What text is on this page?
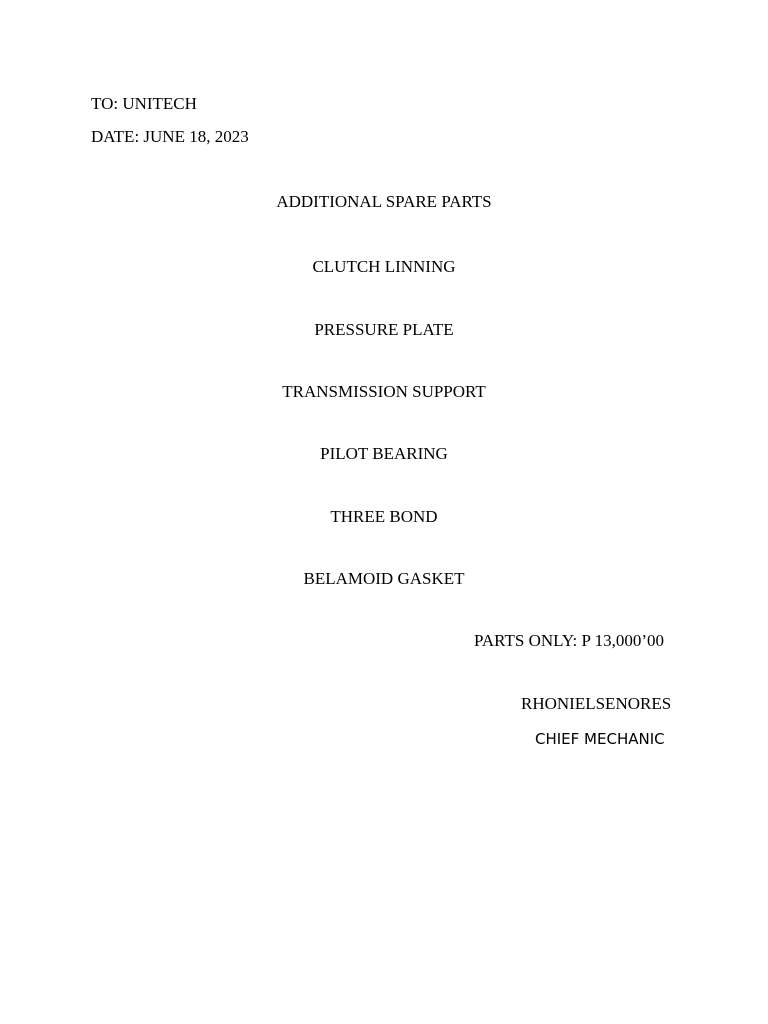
TO: UNITECH
DATE: JUNE 18, 2023
ADDITIONAL SPARE PARTS
CLUTCH LINNING
PRESSURE PLATE
TRANSMISSION SUPPORT
PILOT BEARING
THREE BOND
BELAMOID GASKET
PARTS ONLY: P 13,000’00
RHONIELSENORES
CHIEF MECHANIC
